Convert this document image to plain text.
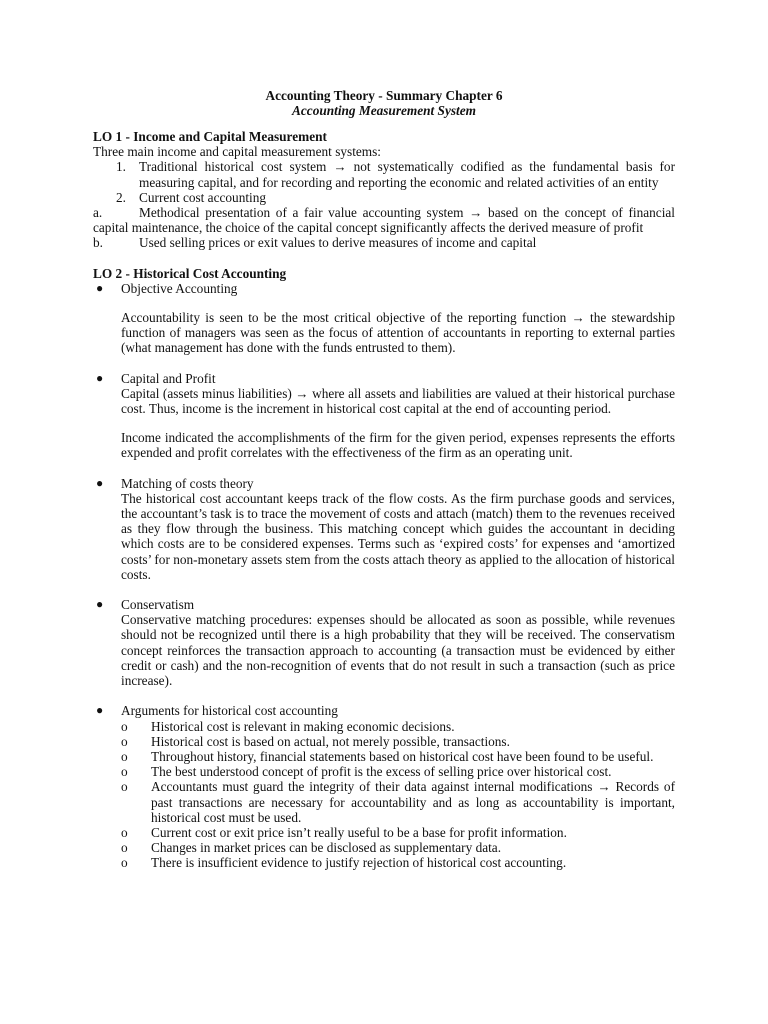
Accounting Theory - Summary Chapter 6
Accounting Measurement System
LO 1 - Income and Capital Measurement

Three main income and capital measurement systems:

1. Traditional historical cost system → not systematically codified as the fundamental basis for measuring capital, and for recording and reporting the economic and related activities of an entity
2. Current cost accounting
a.	Methodical presentation of a fair value accounting system → based on the concept of financial capital maintenance, the choice of the capital concept significantly affects the derived measure of profit
b.	Used selling prices or exit values to derive measures of income and capital
LO 2 - Historical Cost Accounting
● Objective Accounting

Accountability is seen to be the most critical objective of the reporting function → the stewardship function of managers was seen as the focus of attention of accountants in reporting to external parties (what management has done with the funds entrusted to them).

● Capital and Profit

Capital (assets minus liabilities) → where all assets and liabilities are valued at their historical purchase cost. Thus, income is the increment in historical cost capital at the end of accounting period.

Income indicated the accomplishments of the firm for the given period, expenses represents the efforts expended and profit correlates with the effectiveness of the firm as an operating unit.

● Matching of costs theory

The historical cost accountant keeps track of the flow costs. As the firm purchase goods and services, the accountant’s task is to trace the movement of costs and attach (match) them to the revenues received as they flow through the business. This matching concept which guides the accountant in deciding which costs are to be considered expenses. Terms such as ‘expired costs’ for expenses and ‘amortized costs’ for non-monetary assets stem from the costs attach theory as applied to the allocation of historical costs.

● Conservatism

Conservative matching procedures: expenses should be allocated as soon as possible, while revenues should not be recognized until there is a high probability that they will be received. The conservatism concept reinforces the transaction approach to accounting (a transaction must be evidenced by either credit or cash) and the non-recognition of events that do not result in such a transaction (such as price increase).

● Arguments for historical cost accounting
o Historical cost is relevant in making economic decisions.
o Historical cost is based on actual, not merely possible, transactions.
o Throughout history, financial statements based on historical cost have been found to be useful.
o The best understood concept of profit is the excess of selling price over historical cost.
o Accountants must guard the integrity of their data against internal modifications → Records of past transactions are necessary for accountability and as long as accountability is important, historical cost must be used.
o Current cost or exit price isn’t really useful to be a base for profit information.
o Changes in market prices can be disclosed as supplementary data.
o There is insufficient evidence to justify rejection of historical cost accounting.
